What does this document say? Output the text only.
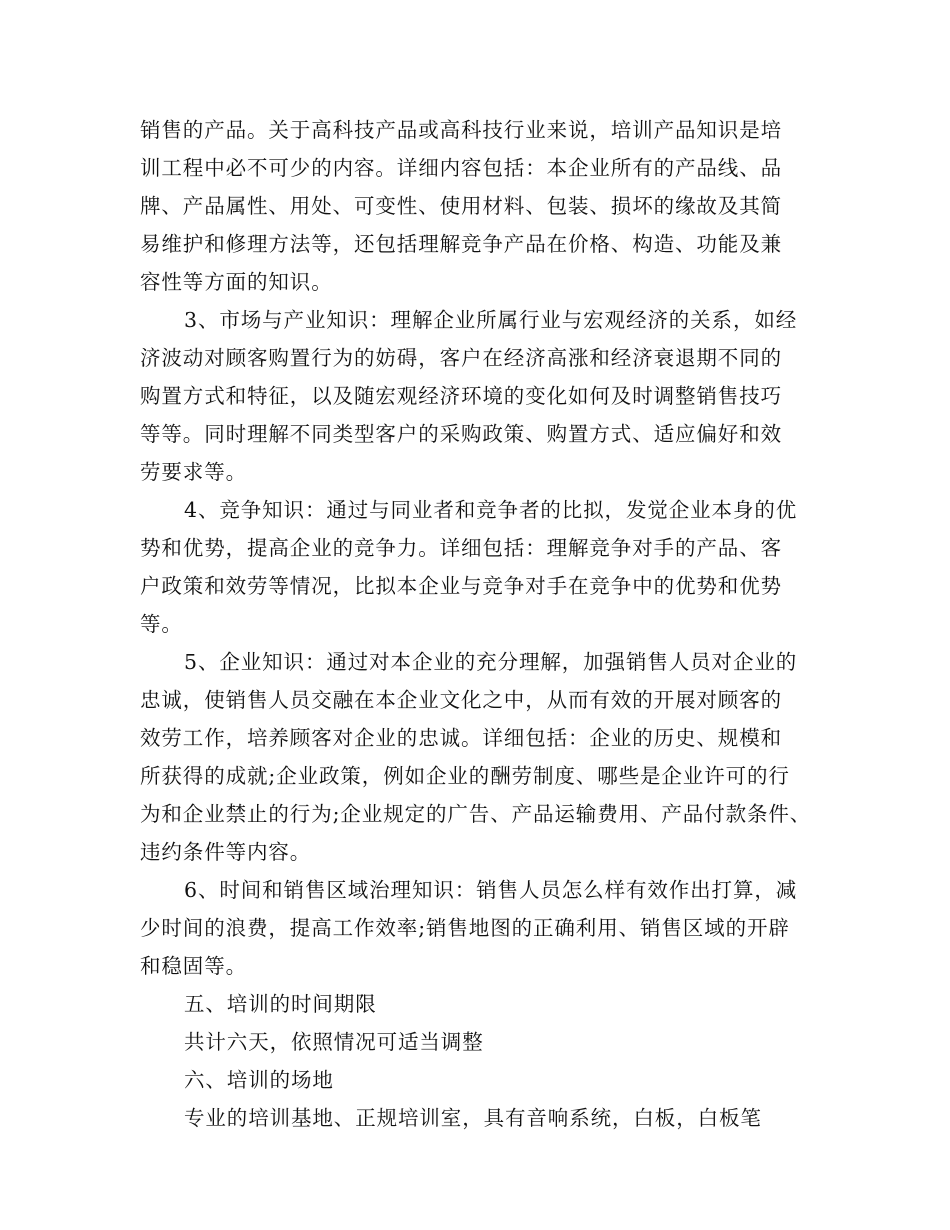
销售的产品。关于高科技产品或高科技行业来说，培训产品知识是培
训工程中必不可少的内容。详细内容包括：本企业所有的产品线、品
牌、产品属性、用处、可变性、使用材料、包装、损坏的缘故及其简
易维护和修理方法等，还包括理解竞争产品在价格、构造、功能及兼
容性等方面的知识。
3、市场与产业知识：理解企业所属行业与宏观经济的关系，如经
济波动对顾客购置行为的妨碍，客户在经济高涨和经济衰退期不同的
购置方式和特征，以及随宏观经济环境的变化如何及时调整销售技巧
等等。同时理解不同类型客户的采购政策、购置方式、适应偏好和效
劳要求等。
4、竞争知识：通过与同业者和竞争者的比拟，发觉企业本身的优
势和优势，提高企业的竞争力。详细包括：理解竞争对手的产品、客
户政策和效劳等情况，比拟本企业与竞争对手在竞争中的优势和优势
等。
5、企业知识：通过对本企业的充分理解，加强销售人员对企业的
忠诚，使销售人员交融在本企业文化之中，从而有效的开展对顾客的
效劳工作，培养顾客对企业的忠诚。详细包括：企业的历史、规模和
所获得的成就;企业政策，例如企业的酬劳制度、哪些是企业许可的行
为和企业禁止的行为;企业规定的广告、产品运输费用、产品付款条件、
违约条件等内容。
6、时间和销售区域治理知识：销售人员怎么样有效作出打算，减
少时间的浪费，提高工作效率;销售地图的正确利用、销售区域的开辟
和稳固等。
五、培训的时间期限
共计六天，依照情况可适当调整
六、培训的场地
专业的培训基地、正规培训室，具有音响系统，白板，白板笔
